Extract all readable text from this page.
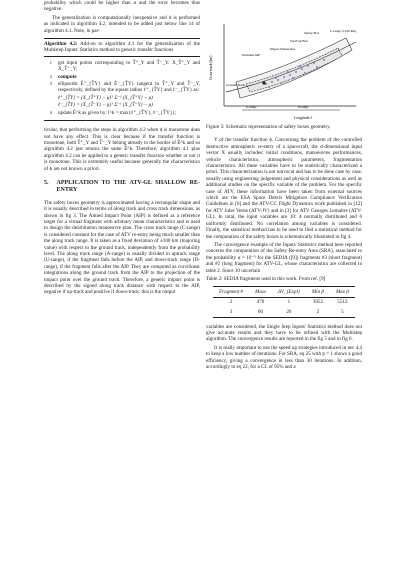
probability which could be higher than α and the error becomes thus negative.

The generalization is computationally inexpensive and it is performed as indicated in algorithm 4.2, intended to be added just below line 14 of algorithm 4.1. Note, in par-

Algorithm 4.2: Add-on to algorithm 4.1 for the generalization of the Multistep Inputs' Statistics method to generic transfer functions
1 get input points corresponding to T̂⁺_Y and T̂⁻_Y: X_T̂⁺_Y and X_T̂⁻_Y;
2 compute
3 ellipsoids Ê⁺_{T̂Y} and Ê⁻_{T̂Y} tangent to T̂⁺_Y and T̂⁻_Y, respectively, defined by the square radius ℓ⁺_{T̂Y} and ℓ⁻_{T̂Y} as:
ℓ⁺_{T̂Y} = (X_{T̂⁺Y} − μ)ᵀ Σ⁻¹ (X_{T̂⁺Y} − μ)
ℓ⁻_{T̂Y} = (X_{T̂⁻Y} − μ)ᵀ Σ⁻¹ (X_{T̂⁻Y} − μ)
4 update Ê^k as given by: l^k = max{ℓ⁺_{T̂Y}, ℓ⁻_{T̂Y}};

ticular, that performing the steps in algorithm 4.2 when ϕ is monotone does not have any effect. This is clear because if the transfer function is monotone, both T̂⁺_Y and T̂⁻_Y belong already to the border of Ê^k and so algorithm 4.2 just returns the same Ê^k. Therefore, algorithm 4.1 plus algorithm 4.2 can be applied to a generic transfer function whether or not it is monotone. This is extremely useful because generally the characteristics of ϕ are not known a priori.

5. APPLICATION TO THE ATV-GL SHALLOW RE-ENTRY

The safety boxes geometry is approximated having a rectangular shape and it is usually described in terms of along track and cross track dimensions, as shown in fig 3. The Aimed Impact Point (AIP) is defined as a reference target for a virtual fragment with arbitrary mean characteristics and is used to design the deorbitation manoeuvre plan. The cross track range (C-range) is considered constant for the case of ATV re-entry being much smaller than the along track range. It is taken as a fixed deviation of ±100 km (majoring value) with respect to the ground track, independently from the probability level. The along track range (A-range) is usually divided in uptrack range (U-range), if the fragment falls before the AIP, and down-track range (D-range), if the fragment falls after the AIP. They are computed as curvilinear integrations along the ground track from the AIP to the projection of the impact point over the ground track. Therefore, a generic impact point is described by the signed along track distance with respect to the AIP, negative if up-track and positive if down-track: this is the output

Cross-track [km]
Longitude λ
Safety Box
Survival Box
C-range (±100 km)
Nominal AIP
Impact Dispersion
Ground Track
U-range	D-range

Figure 3: Schematic representation of safety boxes geometry.

Y of the transfer function ϕ. Concerning the problem of the controlled destructive atmospheric re-entry of a spacecraft, the d-dimensional input vector X usually includes: initial conditions, manoeuvres performances, vehicle characteristics, atmospheric parameters, fragmentation characteristics. All these variables have to be statistically characterized a priori. This characterization is not univocal and has to be done case by case, usually using engineering judgement and physical considerations as well as additional studies on the specific variable of the problem. For the specific case of ATV, these information have been taken from external sources which are the ESA Space Debris Mitigation Compliance Verification Guidelines in [6] and the ATV-CC Flight Dynamics work published in [12] for ATV Jules Verne (ATV-JV) and in [3] for ATV Georges Lemaître (ATV-GL). In total, the input variables are 10: 4 normally distributed and 6 uniformly distributed. No correlation among variables is considered. Finally, the statistical method has to be used to find a statistical method for the computation of the safety boxes is schematically illustrated in fig 4.

The convergence example of the Inputs' Statistics method here reported concerns the computation of the Safety Re-entry Area (SRA), associated to the probability α = 10⁻⁵ for the SEDIA ([9]) fragments #3 (short fragment) and #2 (long fragment) for ATV-GL, whose characteristics are collected in table 2. Since 10 uncertain

Table 2: SEDIA fragments used in this work. From ref. [9]

Fragment #	Mass	ΔV_{Expl}	Min β	Max β
2	470	1	3952	5512
3	60	26	2	5

variables are considered, the Single Step Inputs' Statistics method does not give accurate results and they have to be refined with the Multistep algorithm. The convergence results are reported in the fig 5 and in fig 6.

It is really important to use the speed up strategies introduced in sec 4.4 to keep a low number of iterations. For SRA, eq 25 with p = 1 shows a good efficiency, giving a convergence in less than 30 iterations. In addition, accordingly to eq 22, for a CL of 95% and a
